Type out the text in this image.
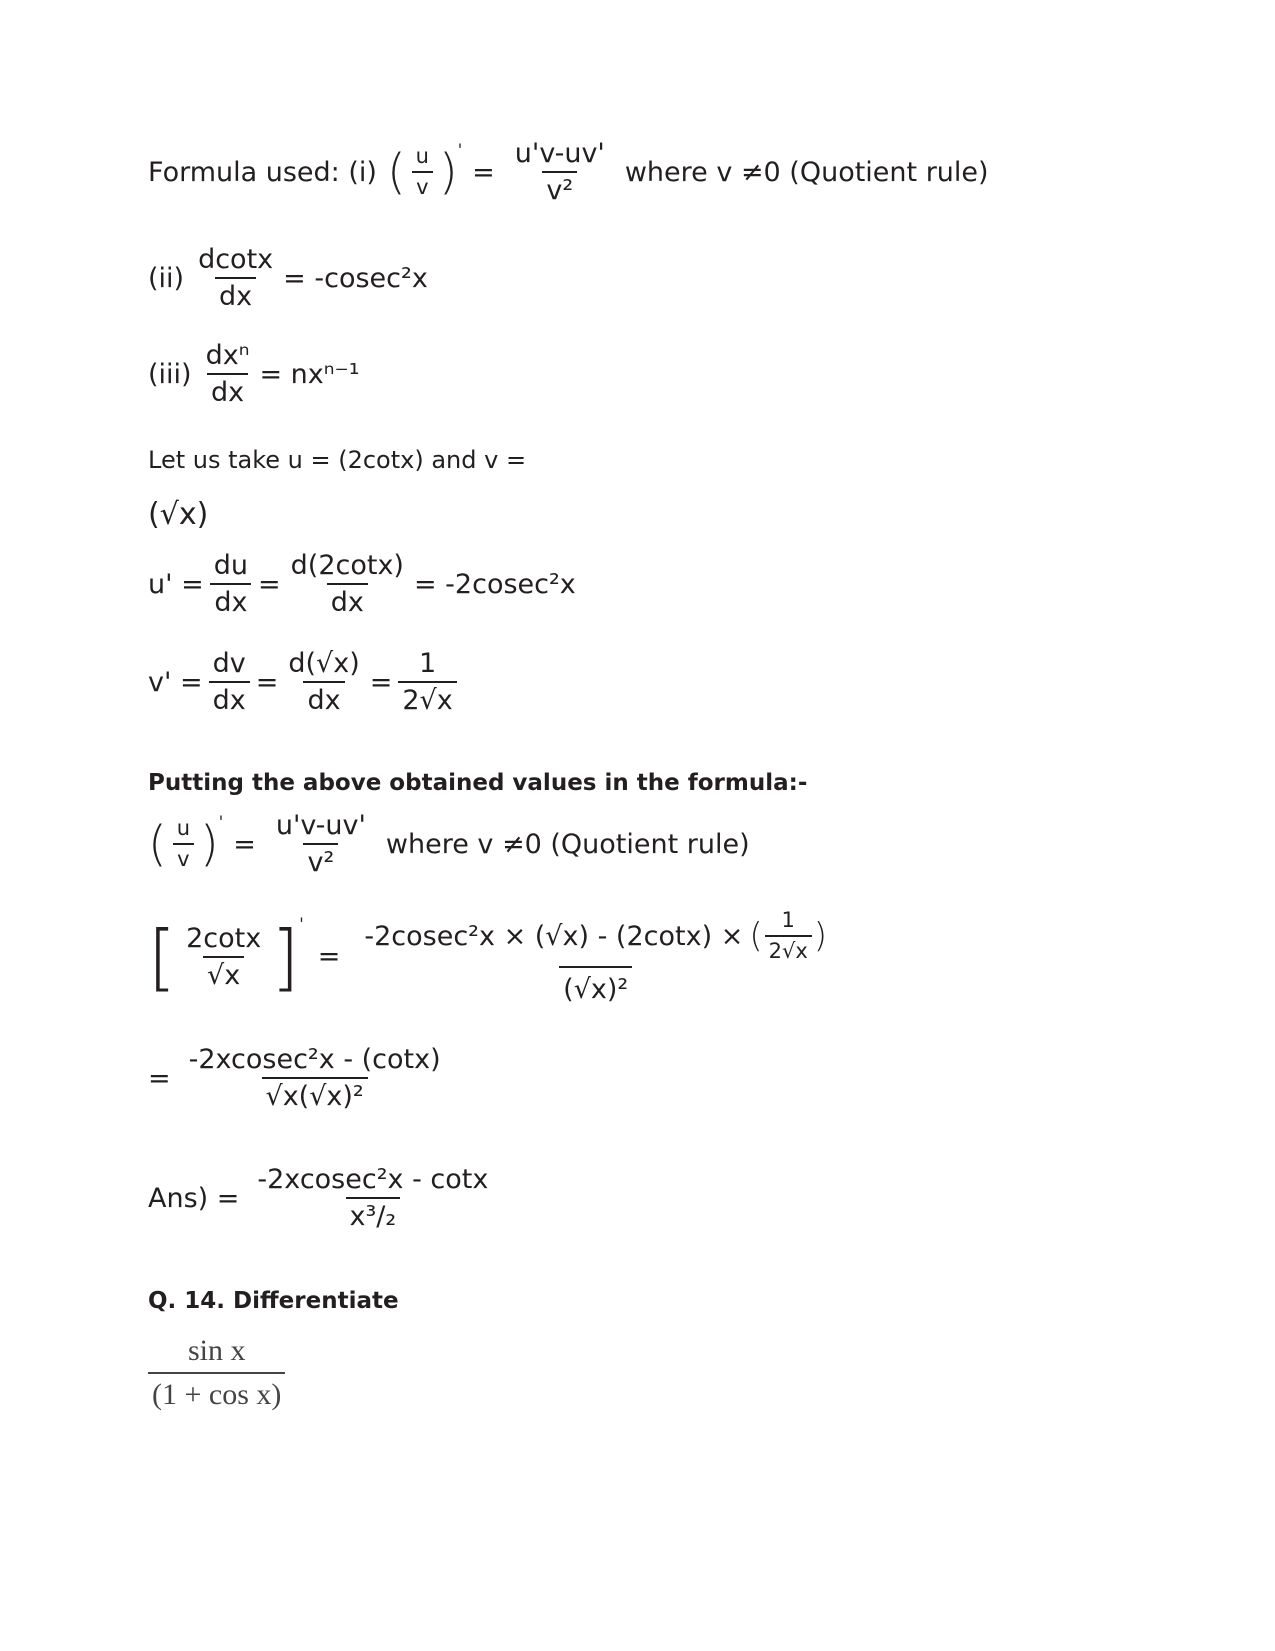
Formula used: (i) ( $\frac{u}{v}$ ) '
= $\frac{u'v-uv'}{\text{v²}}$ where v ≠0 (Quotient rule)
$(ii) \frac{dcotx}{dx} = -cosec^2x$
$(iii) \frac{\text{dxⁿ}}{dx} = nx^{n-1}$
Let us take u = (2cotx) and v =
(√x)
$u' = \frac{du}{dx} = \frac{d(2\cot x)}{dx} = -2cosec^2x$
$v' = \frac{dv}{dx} = \frac{d(√x)}{dx} = \frac{1}{2√x}$
Putting the above obtained values in the formula:-
( $\frac{u}{v}$ ) '
= $\frac{u'v-uv'}{\text{v²}}$ where v ≠0 (Quotient rule)
[ $\frac{2\cot x}{√x}$ ] '
=
-2cosec²x × (√x) - (2cotx) × ( $\frac{1}{2√x}$ )
(√x)²
= $\frac{\text{-2xcosec²x - (cotx)}}{\text{√x(√x)²}}$
$Ans) = \frac{\text{-2xcosec²x - cotx}}{\text{x³/₂}}$
Q. 14. Differentiate
$\frac{\text{sin x}}{\text{(1 + cos x)}}$
